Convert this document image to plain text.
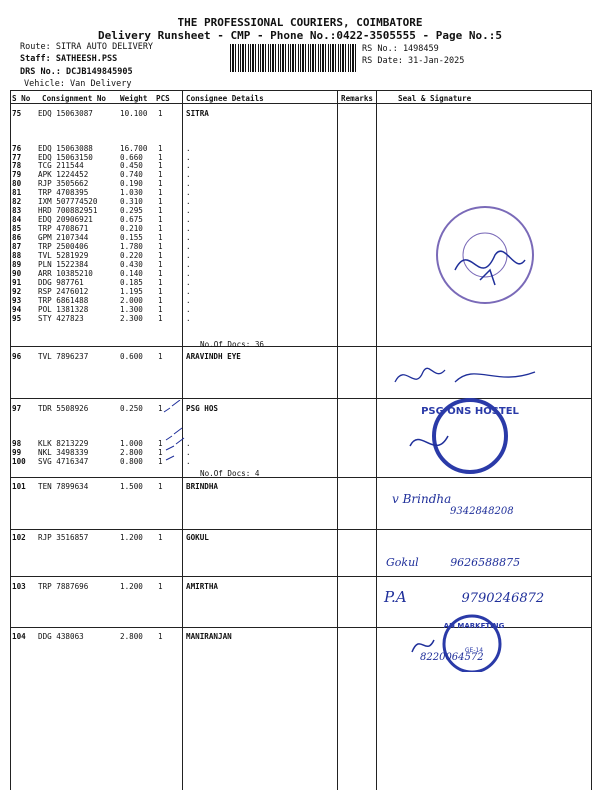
THE PROFESSIONAL COURIERS, COIMBATORE
Delivery Runsheet - CMP - Phone No.:0422-3505555 - Page No.:5
Route: SITRA AUTO DELIVERY
Staff: SATHEESH.PSS
DRS No.: DCJB149845905
Vehicle: Van Delivery
RS No.: 1498459
RS Date: 31-Jan-2025
S No Consignment No Weight PCS Consignee Details	Remarks	Seal & Signature
75 EDQ 15063087	10.100 1	SITRA
76 EDQ 15063088	16.700 1	.
77 EDQ 15063150	0.660 1	.
78 TCG 211544	0.450 1	.
79 APK 1224452	0.740 1	.
80 RJP 3505662	0.190 1	.
81 TRP 4708395	1.030 1	.
82 IXM 507774520	0.310 1	.
83 HRD 700882951	0.295 1	.
84 EDQ 20906921	0.675 1	.
85 TRP 4708671	0.210 1	.
86 GPM 2107344	0.155 1	.
87 TRP 2500406	1.780 1	.
88 TVL 5281929	0.220 1	.
89 PLN 1522384	0.430 1	.
90 ARR 10385210	0.140 1	.
91 DDG 987761	0.185 1	.
92 RSP 2476012	1.195 1	.
93 TRP 6861488	2.000 1	.
94 POL 1381328	1.300 1	.
95 STY 427823	2.300 1	.
96 TVL 7896237	0.600 1	ARAVINDH EYE
97 TDR 5508926	0.250 1	PSG HOS
98 KLK 8213229	1.000 1	.
99 NKL 3498339	2.800 1	.
100 SVG 4716347	0.800 1	.
101 TEN 7899634	1.500 1	BRINDHA
102 RJP 3516857	1.200 1	GOKUL
103 TRP 7887696	1.200 1	AMIRTHA
104 DDG 438063	2.800 1	MANIRANJAN
No.Of Docs: 36
No.Of Docs: 4
PSG ONS HOSTEL
v Brindha
9342848208
Gokul	9626588875
P.A	9790246872
AN MARKETING
GE-14
8220064572
